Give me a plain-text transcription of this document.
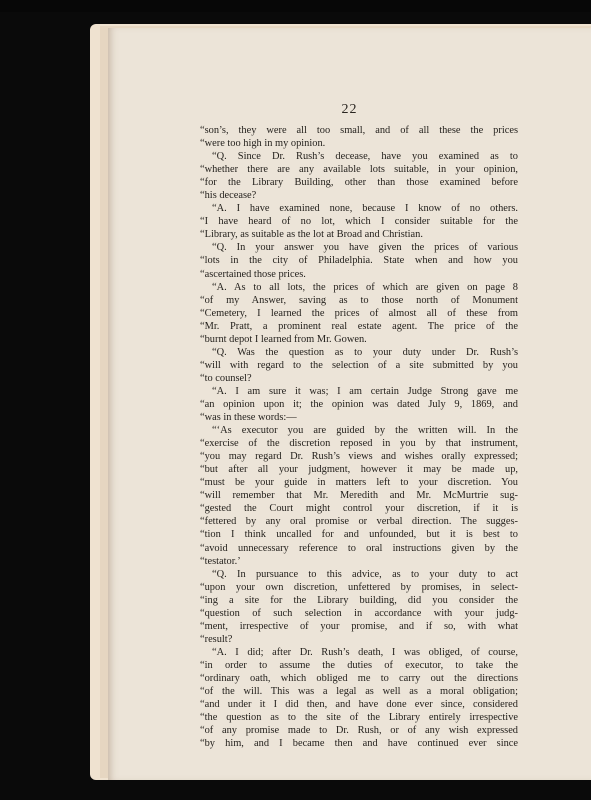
22
“son’s, they were all too small, and of all these the prices
“were too high in my opinion.
“Q. Since Dr. Rush’s decease, have you examined as to
“whether there are any available lots suitable, in your opinion,
“for the Library Building, other than those examined before
“his decease?
“A. I have examined none, because I know of no others.
“I have heard of no lot, which I consider suitable for the
“Library, as suitable as the lot at Broad and Christian.
“Q. In your answer you have given the prices of various
“lots in the city of Philadelphia. State when and how you
“ascertained those prices.
“A. As to all lots, the prices of which are given on page 8
“of my Answer, saving as to those north of Monument
“Cemetery, I learned the prices of almost all of these from
“Mr. Pratt, a prominent real estate agent. The price of the
“burnt depot I learned from Mr. Gowen.
“Q. Was the question as to your duty under Dr. Rush’s
“will with regard to the selection of a site submitted by you
“to counsel?
“A. I am sure it was; I am certain Judge Strong gave me
“an opinion upon it; the opinion was dated July 9, 1869, and
“was in these words:—
“‘As executor you are guided by the written will. In the
“exercise of the discretion reposed in you by that instrument,
“you may regard Dr. Rush’s views and wishes orally expressed;
“but after all your judgment, however it may be made up,
“must be your guide in matters left to your discretion. You
“will remember that Mr. Meredith and Mr. McMurtrie sug-
“gested the Court might control your discretion, if it is
“fettered by any oral promise or verbal direction. The sugges-
“tion I think uncalled for and unfounded, but it is best to
“avoid unnecessary reference to oral instructions given by the
“testator.’
“Q. In pursuance to this advice, as to your duty to act
“upon your own discretion, unfettered by promises, in select-
“ing a site for the Library building, did you consider the
“question of such selection in accordance with your judg-
“ment, irrespective of your promise, and if so, with what
“result?
“A. I did; after Dr. Rush’s death, I was obliged, of course,
“in order to assume the duties of executor, to take the
“ordinary oath, which obliged me to carry out the directions
“of the will. This was a legal as well as a moral obligation;
“and under it I did then, and have done ever since, considered
“the question as to the site of the Library entirely irrespective
“of any promise made to Dr. Rush, or of any wish expressed
“by him, and I became then and have continued ever since
